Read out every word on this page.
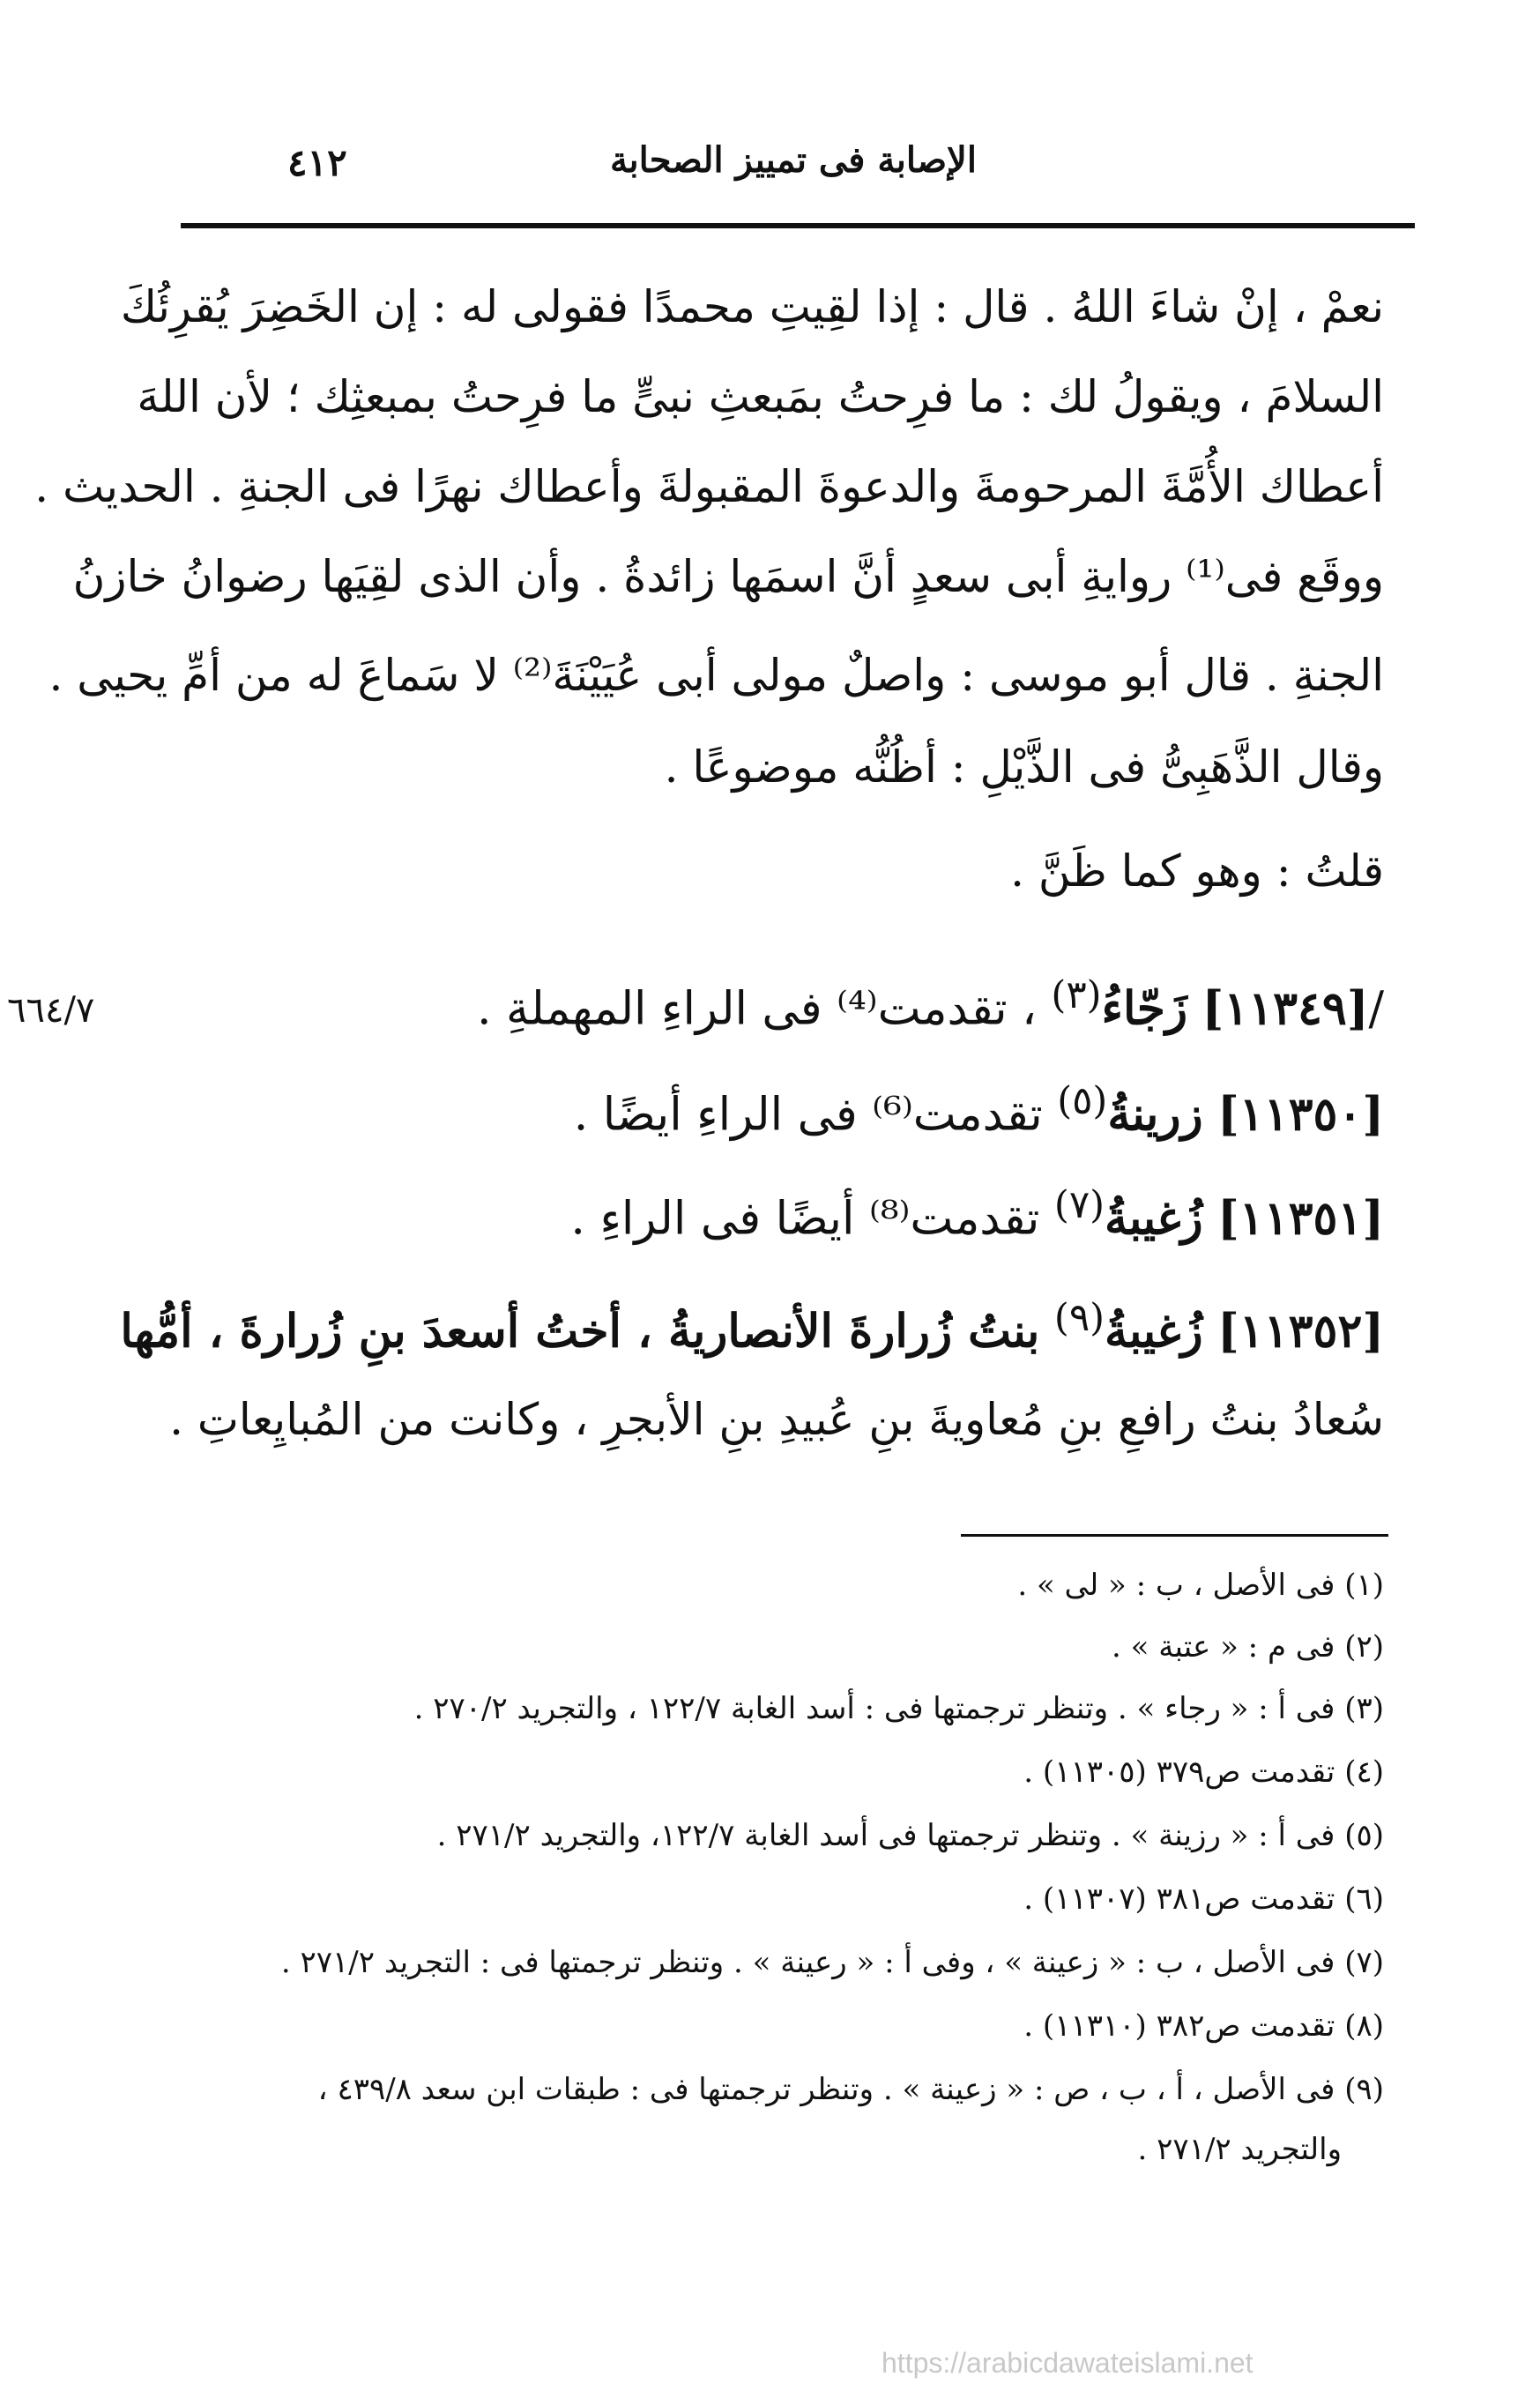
٤١٢	الإصابة فى تمييز الصحابة
نعمْ ، إنْ شاءَ اللهُ . قال : إذا لقِيتِ محمدًا فقولى له : إن الخَضِرَ يُقرِئُكَ
السلامَ ، ويقولُ لك : ما فرِحتُ بمَبعثِ نبىٍّ ما فرِحتُ بمبعثِك ؛ لأن اللهَ
أعطاك الأُمَّةَ المرحومةَ والدعوةَ المقبولةَ وأعطاك نهرًا فى الجنةِ . الحديث .
ووقَع فى⁽¹⁾ روايةِ أبى سعدٍ أنَّ اسمَها زائدةُ . وأن الذى لقِيَها رضوانُ خازنُ
الجنةِ . قال أبو موسى : واصلٌ مولى أبى عُيَيْنَةَ⁽²⁾ لا سَماعَ له من أمِّ يحيى .
وقال الذَّهَبِىُّ فى الذَّيْلِ : أظُنُّه موضوعًا .
قلتُ : وهو كما ظَنَّ .
/[١١٣٤٩] زَجّاءُ$^{(٣)}$ ، تقدمت⁽⁴⁾ فى الراءِ المهملةِ .
٦٦٤/٧
[١١٣٥٠] زرينةُ$^{(٥)}$ تقدمت⁽⁶⁾ فى الراءِ أيضًا .
[١١٣٥١] زُغيبةُ$^{(٧)}$ تقدمت⁽⁸⁾ أيضًا فى الراءِ .
[١١٣٥٢] زُغيبةُ$^{(٩)}$ بنتُ زُرارةَ الأنصاريةُ ، أختُ أسعدَ بنِ زُرارةَ ، أمُّها
سُعادُ بنتُ رافعِ بنِ مُعاويةَ بنِ عُبيدِ بنِ الأبجرِ ، وكانت من المُبايِعاتِ .
(١) فى الأصل ، ب : « لى » .
(٢) فى م : « عتبة » .
(٣) فى أ : « رجاء » . وتنظر ترجمتها فى : أسد الغابة ١٢٢/٧ ، والتجريد ٢٧٠/٢ .
(٤) تقدمت ص٣٧٩ (١١٣٠٥) .
(٥) فى أ : « رزينة » . وتنظر ترجمتها فى أسد الغابة ١٢٢/٧، والتجريد ٢٧١/٢ .
(٦) تقدمت ص٣٨١ (١١٣٠٧) .
(٧) فى الأصل ، ب : « زعينة » ، وفى أ : « رعينة » . وتنظر ترجمتها فى : التجريد ٢٧١/٢ .
(٨) تقدمت ص٣٨٢ (١١٣١٠) .
(٩) فى الأصل ، أ ، ب ، ص : « زعينة » . وتنظر ترجمتها فى : طبقات ابن سعد ٤٣٩/٨ ،
والتجريد ٢٧١/٢ .
https://arabicdawateislami.net
